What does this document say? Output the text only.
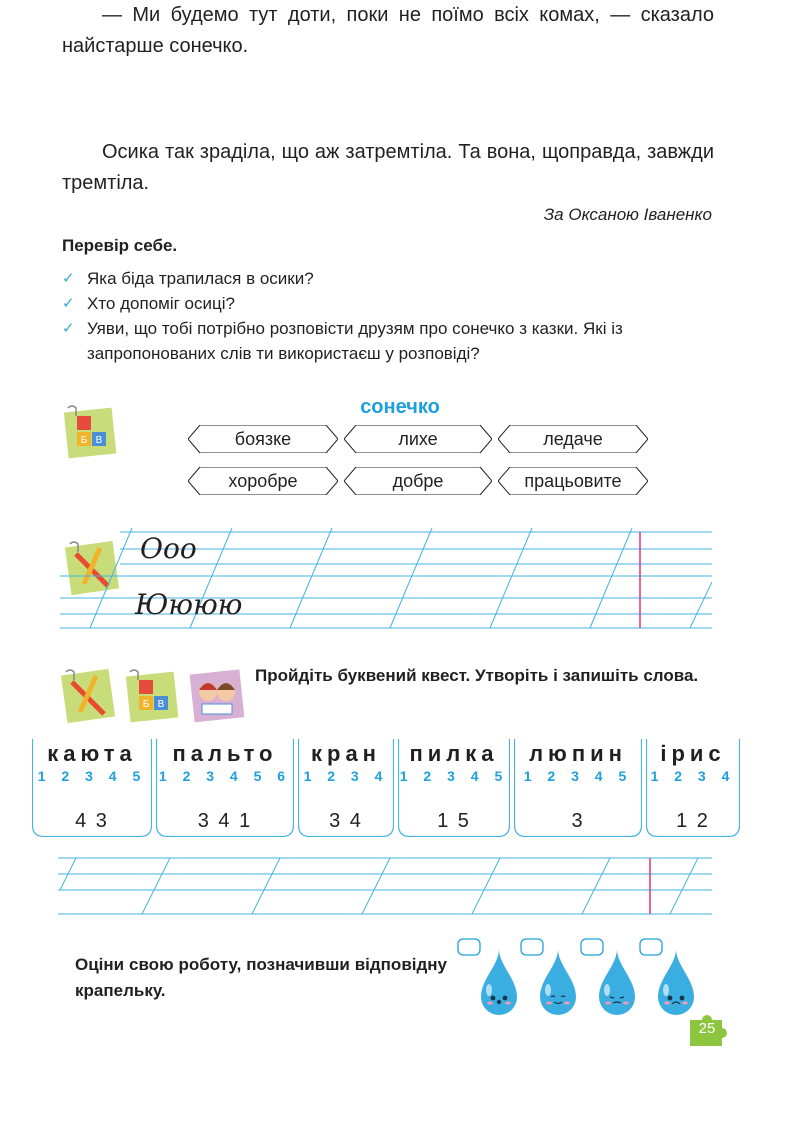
— Ми будемо тут доти, поки не поїмо всіх комах, — сказало найстарше сонечко.

Осика так зраділа, що аж затремтіла. Та вона, щоправда, завжди тремтіла.

За Оксаною Іваненко
Перевір себе.
✓ Яка біда трапилася в осики?
✓ Хто допоміг осиці?
✓ Уяви, що тобі потрібно розповісти друзям про сонечко з казки. Які із запропонованих слів ти використаєш у розповіді?
Б В
сонечко
боязке	лихе	ледаче
хоробре	добре	працьовите
Ооо
Юююю
Б В
Пройдіть буквений квест. Утворіть і запишіть слова.
каюта
1 2 3 4 5
4 3
пальто
1 2 3 4 5 6
3 4 1
кран
1 2 3 4
3 4
пилка
1 2 3 4 5
1 5
люпин
1 2 3 4 5
3
іриc
1 2 3 4
1 2
Оціни свою роботу, позначивши відповідну крапельку.
25
